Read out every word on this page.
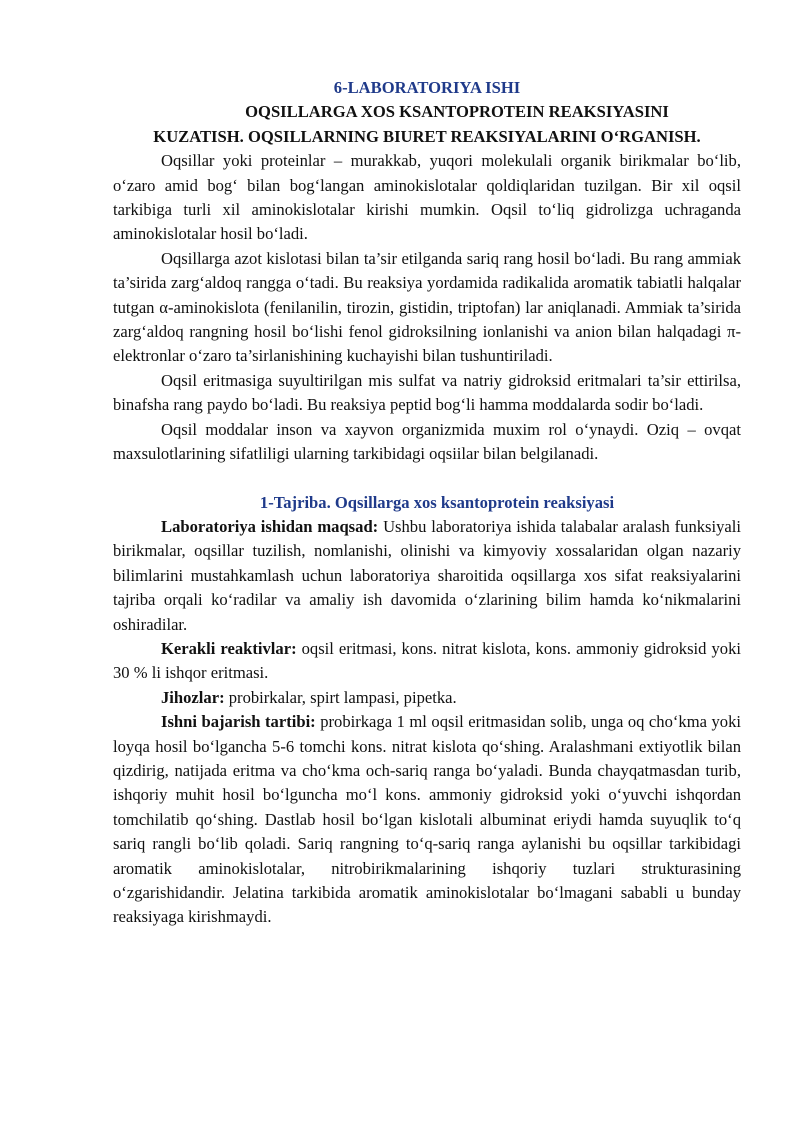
6-LABORATORIYA ISHI

OQSILLARGA XOS KSANTOPROTEIN REAKSIYASINI

KUZATISH. OQSILLARNING BIURET REAKSIYALARINI O‘RGANISH.

Oqsillar yoki proteinlar – murakkab, yuqori molekulali organik birikmalar bo‘lib, o‘zaro amid bog‘ bilan bog‘langan aminokislotalar qoldiqlaridan tuzilgan. Bir xil oqsil tarkibiga turli xil aminokislotalar kirishi mumkin. Oqsil to‘liq gidrolizga uchraganda aminokislotalar hosil bo‘ladi.

Oqsillarga azot kislotasi bilan ta’sir etilganda sariq rang hosil bo‘ladi. Bu rang ammiak ta’sirida zarg‘aldoq rangga o‘tadi. Bu reaksiya yordamida radikalida aromatik tabiatli halqalar tutgan α-aminokislota (fenilanilin, tirozin, gistidin, triptofan) lar aniqlanadi. Ammiak ta’sirida zarg‘aldoq rangning hosil bo‘lishi fenol gidroksilning ionlanishi va anion bilan halqadagi π-elektronlar o‘zaro ta’sirlanishining kuchayishi bilan tushuntiriladi.

Oqsil eritmasiga suyultirilgan mis sulfat va natriy gidroksid eritmalari ta’sir ettirilsa, binafsha rang paydo bo‘ladi. Bu reaksiya peptid bog‘li hamma moddalarda sodir bo‘ladi.

Oqsil moddalar inson va xayvon organizmida muxim rol o‘ynaydi. Oziq – ovqat maxsulotlarining sifatliligi ularning tarkibidagi oqsiilar bilan belgilanadi.

1-Tajriba. Oqsillarga xos ksantoprotein reaksiyasi

Laboratoriya ishidan maqsad: Ushbu laboratoriya ishida talabalar aralash funksiyali birikmalar, oqsillar tuzilish, nomlanishi, olinishi va kimyoviy xossalaridan olgan nazariy bilimlarini mustahkamlash uchun laboratoriya sharoitida oqsillarga xos sifat reaksiyalarini tajriba orqali ko‘radilar va amaliy ish davomida o‘zlarining bilim hamda ko‘nikmalarini oshiradilar.

Kerakli reaktivlar: oqsil eritmasi, kons. nitrat kislota, kons. ammoniy gidroksid yoki 30 % li ishqor eritmasi.

Jihozlar: probirkalar, spirt lampasi, pipetka.

Ishni bajarish tartibi: probirkaga 1 ml oqsil eritmasidan solib, unga oq cho‘kma yoki loyqa hosil bo‘lgancha 5-6 tomchi kons. nitrat kislota qo‘shing. Aralashmani extiyotlik bilan qizdirig, natijada eritma va cho‘kma och-sariq ranga bo‘yaladi. Bunda chayqatmasdan turib, ishqoriy muhit hosil bo‘lguncha mo‘l kons. ammoniy gidroksid yoki o‘yuvchi ishqordan tomchilatib qo‘shing. Dastlab hosil bo‘lgan kislotali albuminat eriydi hamda suyuqlik to‘q sariq rangli bo‘lib qoladi. Sariq rangning to‘q-sariq ranga aylanishi bu oqsillar tarkibidagi aromatik aminokislotalar, nitrobirikmalarining ishqoriy tuzlari strukturasining o‘zgarishidandir. Jelatina tarkibida aromatik aminokislotalar bo‘lmagani sababli u bunday reaksiyaga kirishmaydi.
